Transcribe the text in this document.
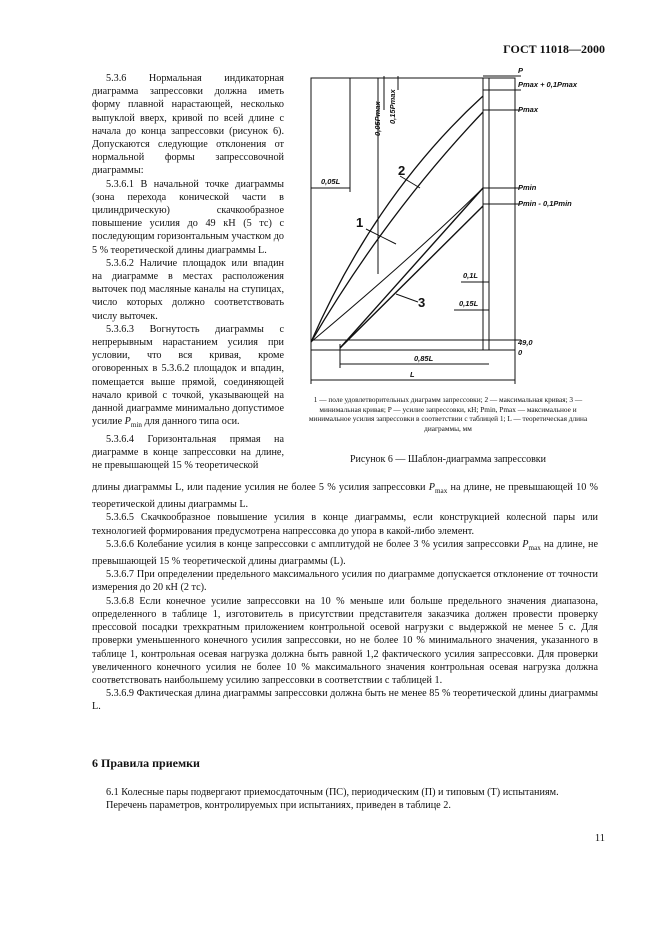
ГОСТ 11018—2000

5.3.6 Нормальная индикаторная диаграмма запрессовки должна иметь форму плавной нарастающей, несколько выпуклой вверх, кривой по всей длине с начала до конца запрессовки (рисунок 6). Допускаются следующие отклонения от нормальной формы запрессовочной диаграммы:

5.3.6.1 В начальной точке диаграммы (зона перехода конической части в цилиндрическую) скачкообразное повышение усилия до 49 кН (5 тс) с последующим горизонтальным участком до 5 % теоретической длины диаграммы L.

5.3.6.2 Наличие площадок или впадин на диаграмме в местах расположения выточек под масляные каналы на ступицах, число которых должно соответствовать числу выточек.

5.3.6.3 Вогнутость диаграммы с непрерывным нарастанием усилия при условии, что вся кривая, кроме оговоренных в 5.3.6.2 площадок и впадин, помещается выше прямой, соединяющей начало кривой с точкой, указывающей на данной диаграмме минимально допустимое усилие $P_{min}$ для данного типа оси.

5.3.6.4 Горизонтальная прямая на диаграмме в конце запрессовки на длине, не превышающей 15 % теоретической

P
Pmax + 0,1Pmax
Pmax
Pmin
Pmin - 0,1Pmin
0,05L
0,1L
0,15L
49,0
0
0,85L
L
0,05Pmax 0,15Pmax
1
2
3
1 — поле удовлетворительных диаграмм запрессовки; 2 — максимальная кривая; 3 — минимальная кривая; P — усилие запрессовки, кН; Pmin, Pmax — максимальное и минимальное усилия запрессовки в соответствии с таблицей 1; L — теоретическая длина диаграммы, мм
Рисунок 6 — Шаблон-диаграмма запрессовки

длины диаграммы L, или падение усилия не более 5 % усилия запрессовки $P_{max}$ на длине, не превышающей 10 % теоретической длины диаграммы L.

5.3.6.5 Скачкообразное повышение усилия в конце диаграммы, если конструкцией колесной пары или технологией формирования предусмотрена напрессовка до упора в какой-либо элемент.

5.3.6.6 Колебание усилия в конце запрессовки с амплитудой не более 3 % усилия запрессовки $P_{max}$ на длине, не превышающей 15 % теоретической длины диаграммы (L).

5.3.6.7 При определении предельного максимального усилия по диаграмме допускается отклонение от точности измерения до 20 кН (2 тс).

5.3.6.8 Если конечное усилие запрессовки на 10 % меньше или больше предельного значения диапазона, определенного в таблице 1, изготовитель в присутствии представителя заказчика должен провести проверку прессовой посадки трехкратным приложением контрольной осевой нагрузки с выдержкой не менее 5 с. Для проверки уменьшенного конечного усилия запрессовки, но не более 10 % минимального значения, указанного в таблице 1, контрольная осевая нагрузка должна быть равной 1,2 фактического усилия запрессовки. Для проверки увеличенного конечного усилия не более 10 % максимального значения контрольная осевая нагрузка должна соответствовать наибольшему усилию запрессовки в соответствии с таблицей 1.

5.3.6.9 Фактическая длина диаграммы запрессовки должна быть не менее 85 % теоретической длины диаграммы L.

6 Правила приемки

6.1 Колесные пары подвергают приемосдаточным (ПС), периодическим (П) и типовым (Т) испытаниям.

Перечень параметров, контролируемых при испытаниях, приведен в таблице 2.

11
